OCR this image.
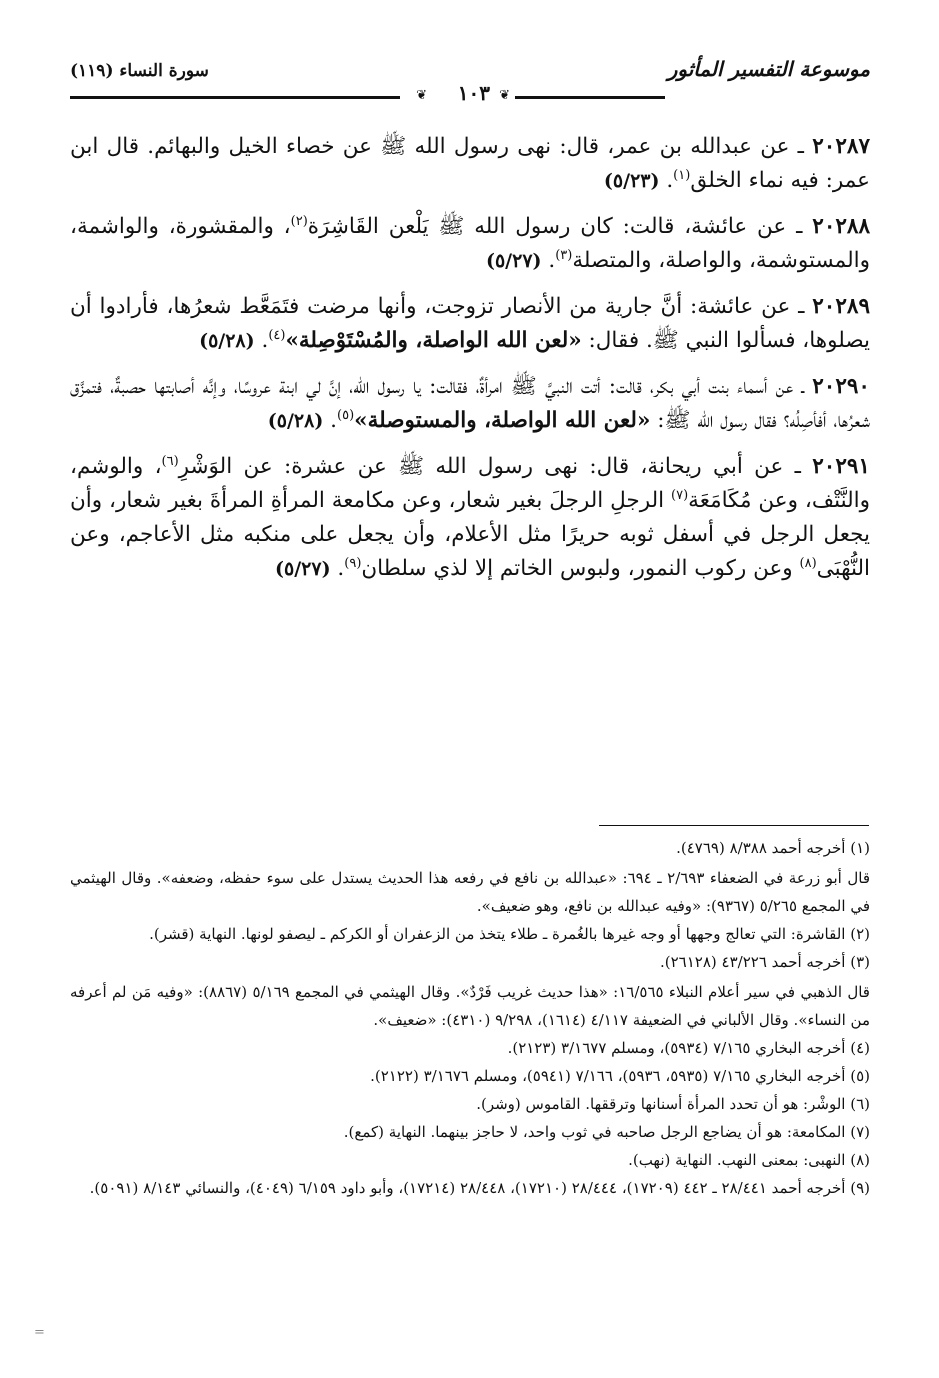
موسوعة التفسير المأثور
سورة النساء (١١٩)
❦
١٠٣
❦

٢٠٢٨٧ ـ عن عبدالله بن عمر، قال: نهى رسول الله ﷺ عن خصاء الخيل والبهائم. قال ابن عمر: فيه نماء الخلق$^{(١)}$. (٥/٢٣)

٢٠٢٨٨ ـ عن عائشة، قالت: كان رسول الله ﷺ يَلْعن القَاشِرَة$^{(٢)}$، والمقشورة، والواشمة، والمستوشمة، والواصلة، والمتصلة$^{(٣)}$. (٥/٢٧)

٢٠٢٨٩ ـ عن عائشة: أنَّ جارية من الأنصار تزوجت، وأنها مرضت فتَمَعَّط شعرُها، فأرادوا أن يصلوها، فسألوا النبي ﷺ. فقال: «لعن الله الواصلة، والمُسْتَوْصِلة»$^{(٤)}$. (٥/٢٨)

٢٠٢٩٠ ـ عن أسماء بنت أبي بكر، قالت: أتت النبيَّ ﷺ امرأةٌ، فقالت: يا رسول الله، إنَّ لي ابنة عروسًا، وإنَّه أصابتها حصبةٌ، فتمزَّق شعرُها، أفأصِلُه؟ فقال رسول الله ﷺ: «لعن الله الواصلة، والمستوصلة»$^{(٥)}$. (٥/٢٨)

٢٠٢٩١ ـ عن أبي ريحانة، قال: نهى رسول الله ﷺ عن عشرة: عن الوَشْرِ$^{(٦)}$، والوشم، والنَّتْف، وعن مُكَامَعَة$^{(٧)}$ الرجلِ الرجلَ بغير شعار، وعن مكامعة المرأةِ المرأةَ بغير شعار، وأن يجعل الرجل في أسفل ثوبه حريرًا مثل الأعلام، وأن يجعل على منكبه مثل الأعاجم، وعن النُّهْبَى$^{(٨)}$ وعن ركوب النمور، ولبوس الخاتم إلا لذي سلطان$^{(٩)}$. (٥/٢٧)

(١) أخرجه أحمد ٨/٣٨٨ (٤٧٦٩).

قال أبو زرعة في الضعفاء ٢/٦٩٣ ـ ٦٩٤: «عبدالله بن نافع في رفعه هذا الحديث يستدل على سوء حفظه، وضعفه». وقال الهيثمي في المجمع ٥/٢٦٥ (٩٣٦٧): «وفيه عبدالله بن نافع، وهو ضعيف».

(٢) القاشرة: التي تعالج وجهها أو وجه غيرها بالغُمرة ـ طلاء يتخذ من الزعفران أو الكركم ـ ليصفو لونها. النهاية (قشر).

(٣) أخرجه أحمد ٤٣/٢٢٦ (٢٦١٢٨).

قال الذهبي في سير أعلام النبلاء ١٦/٥٦٥: «هذا حديث غريب فَرْدٌ». وقال الهيثمي في المجمع ٥/١٦٩ (٨٨٦٧): «وفيه مَن لم أعرفه من النساء». وقال الألباني في الضعيفة ٤/١١٧ (١٦١٤)، ٩/٢٩٨ (٤٣١٠): «ضعيف».

(٤) أخرجه البخاري ٧/١٦٥ (٥٩٣٤)، ومسلم ٣/١٦٧٧ (٢١٢٣).

(٥) أخرجه البخاري ٧/١٦٥ (٥٩٣٥، ٥٩٣٦)، ٧/١٦٦ (٥٩٤١)، ومسلم ٣/١٦٧٦ (٢١٢٢).

(٦) الوشْر: هو أن تحدد المرأة أسنانها وترققها. القاموس (وشر).

(٧) المكامعة: هو أن يضاجع الرجل صاحبه في ثوب واحد، لا حاجز بينهما. النهاية (كمع).

(٨) النهبى: بمعنى النهب. النهاية (نهب).

(٩) أخرجه أحمد ٢٨/٤٤١ ـ ٤٤٢ (١٧٢٠٩)، ٢٨/٤٤٤ (١٧٢١٠)، ٢٨/٤٤٨ (١٧٢١٤)، وأبو داود ٦/١٥٩ (٤٠٤٩)، والنسائي ٨/١٤٣ (٥٠٩١).

=
